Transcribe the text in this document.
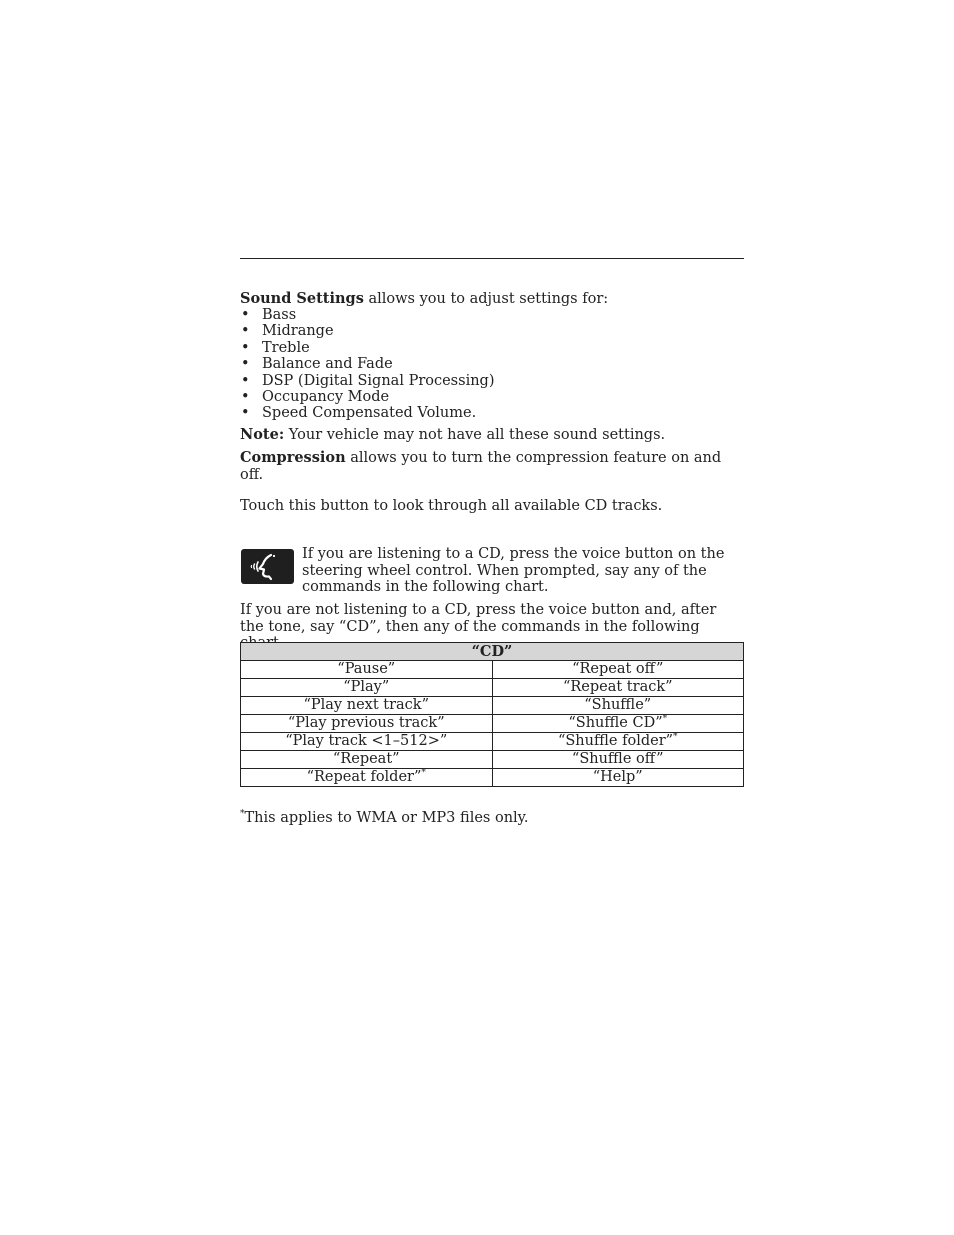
Sound Settings allows you to adjust settings for:

• Bass
• Midrange
• Treble
• Balance and Fade
• DSP (Digital Signal Processing)
• Occupancy Mode
• Speed Compensated Volume.

Note: Your vehicle may not have all these sound settings.

Compression allows you to turn the compression feature on and off.

Touch this button to look through all available CD tracks.

If you are listening to a CD, press the voice button on the steering wheel control. When prompted, say any of the commands in the following chart.

If you are not listening to a CD, press the voice button and, after the tone, say “CD”, then any of the commands in the following

“CD”	
“Pause”	“Repeat off”
“Play”	“Repeat track”
“Play next track”	“Shuffle”
“Play previous track”	“Shuffle CD”*
“Play track <1–512>”	“Shuffle folder”*
“Repeat”	“Shuffle off”
“Repeat folder”*	“Help”

*This applies to WMA or MP3 files only.
